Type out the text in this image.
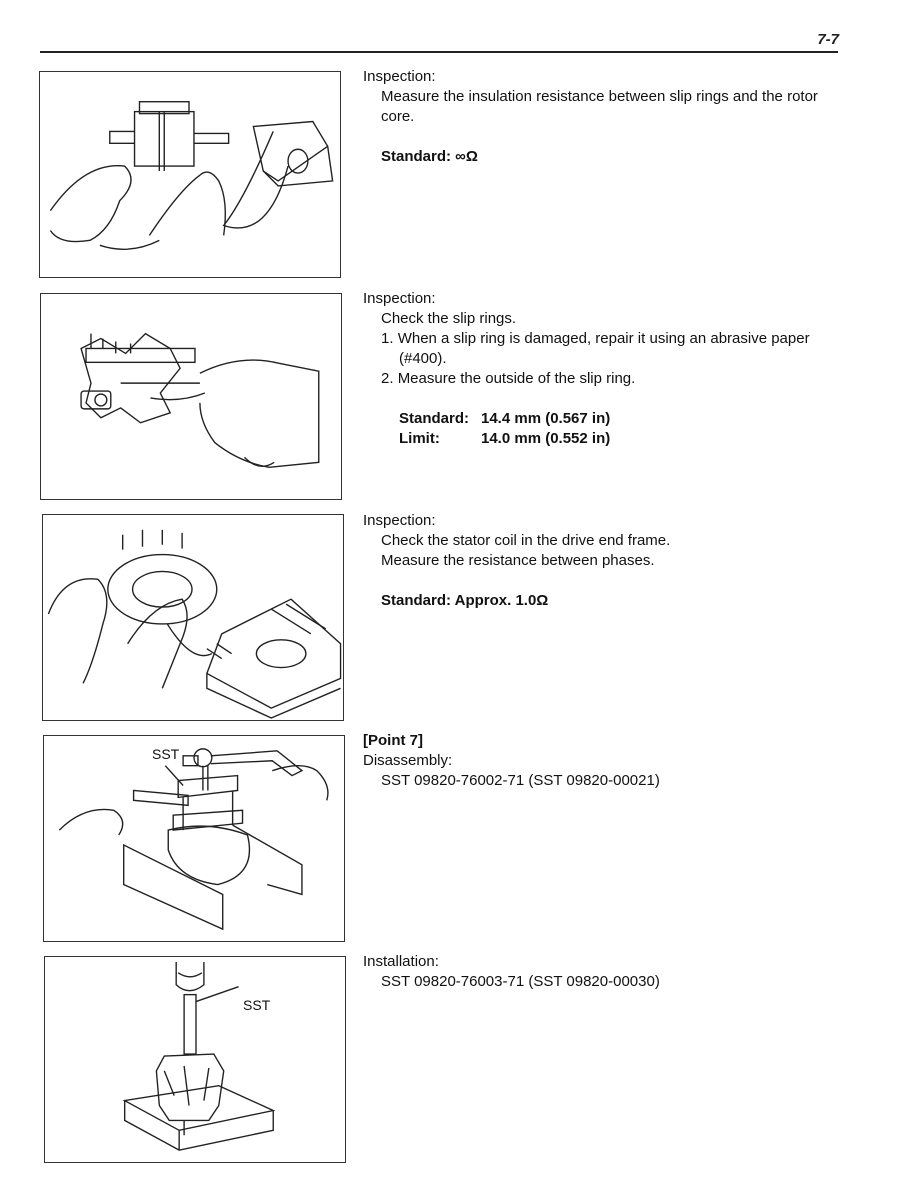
7-7
Inspection:
Measure the insulation resistance between slip rings and the rotor
core.
Standard: ∞Ω
Inspection:
Check the slip rings.
1. When a slip ring is damaged, repair it using an abrasive paper
(#400).
2. Measure the outside of the slip ring.
Standard: 14.4 mm (0.567 in)
Limit:	14.0 mm (0.552 in)
Inspection:
Check the stator coil in the drive end frame.
Measure the resistance between phases.
Standard: Approx. 1.0Ω
SST
[Point 7]
Disassembly:
SST 09820-76002-71 (SST 09820-00021)
SST
Installation:
SST 09820-76003-71 (SST 09820-00030)
